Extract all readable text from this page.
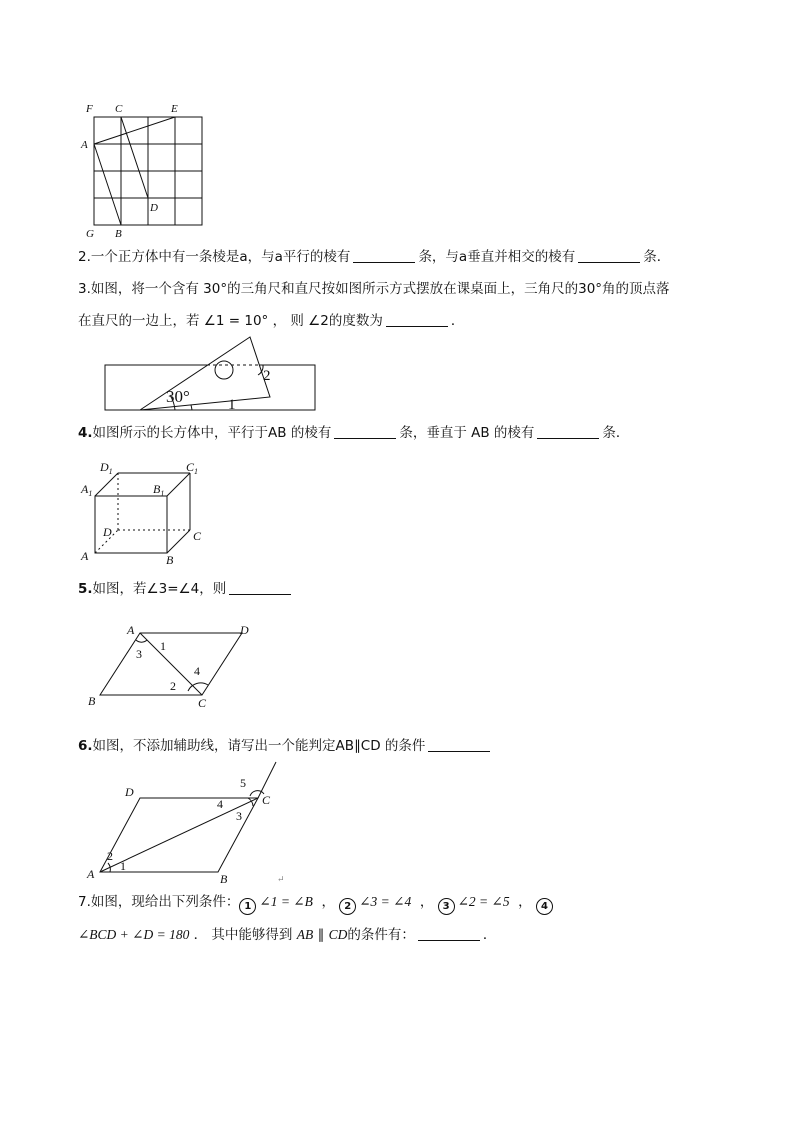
F C	E
A
D
G B
2.一个正方体中有一条棱是a，与a平行的棱有	条，与a垂直并相交的棱有	条．
3.如图，将一个含有 30°的三角尺和直尺按如图所示方式摆放在课桌面上，三角尺的30°角的顶点落
在直尺的一边上，若 ∠1 = 10° ， 则 ∠2的度数为	．
30°	1
2
4.如图所示的长方体中，平行于AB 的棱有	条，垂直于 AB 的棱有	条．
$D_1$	$C_1$
$A_1$	$B_1$
D	C
A	B
5.如图，若∠3=∠4，则
A	D
1
3
4
2
B	C
6.如图，不添加辅助线，请写出一个能判定AB∥CD 的条件
D
5
C
4
3
2
1
A	B	↵
7.如图，现给出下列条件： 1 ∠1 = ∠B  ， 2 ∠3 = ∠4  ， 3 ∠2 = ∠5  ， 4
∠BCD + ∠D = 180 ． 其中能够得到 AB ∥ CD的条件有：	．
